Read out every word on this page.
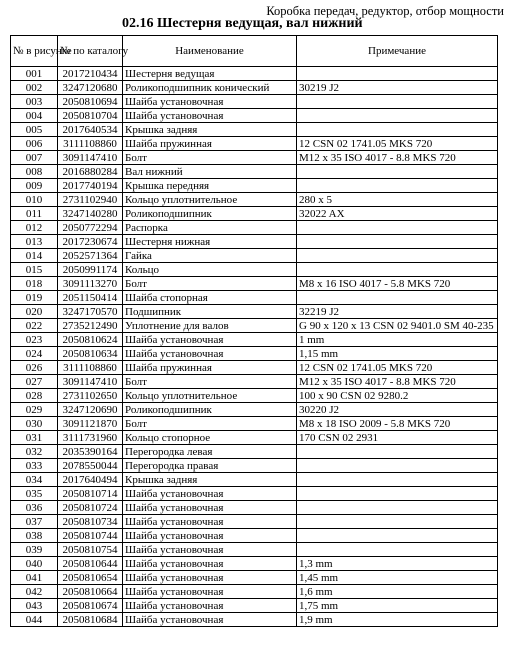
Коробка передач, редуктор, отбор мощности
02.16 Шестерня ведущая, вал нижний
№ в рисунке	№ по каталогу	Наименование	Примечание
001	2017210434	Шестерня ведущая	
002	3247120680	Роликоподшипник конический	30219 J2
003	2050810694	Шайба установочная	
004	2050810704	Шайба установочная	
005	2017640534	Крышка задняя	
006	3111108860	Шайба пружинная	12 CSN 02 1741.05 MKS 720
007	3091147410	Болт	M12 x 35 ISO 4017 - 8.8 MKS 720
008	2016880284	Вал нижний	
009	2017740194	Крышка передняя	
010	2731102940	Кольцо уплотнительное	280 x 5
011	3247140280	Роликоподшипник	32022 AX
012	2050772294	Распорка	
013	2017230674	Шестерня нижная	
014	2052571364	Гайка	
015	2050991174	Кольцо	
018	3091113270	Болт	M8 x 16 ISO 4017 - 5.8 MKS 720
019	2051150414	Шайба стопорная	
020	3247170570	Подшипник	32219 J2
022	2735212490	Уплотнение для валов	G 90 x 120 x 13 CSN 02 9401.0 SM 40-235
023	2050810624	Шайба установочная	1 mm
024	2050810634	Шайба установочная	1,15 mm
026	3111108860	Шайба пружинная	12 CSN 02 1741.05 MKS 720
027	3091147410	Болт	M12 x 35 ISO 4017 - 8.8 MKS 720
028	2731102650	Кольцо уплотнительное	100 x 90 CSN 02 9280.2
029	3247120690	Роликоподшипник	30220 J2
030	3091121870	Болт	M8 x 18 ISO 2009 - 5.8 MKS 720
031	3111731960	Кольцо стопорное	170 CSN 02 2931
032	2035390164	Перегородка левая	
033	2078550044	Перегородка правая	
034	2017640494	Крышка задняя	
035	2050810714	Шайба установочная	
036	2050810724	Шайба установочная	
037	2050810734	Шайба установочная	
038	2050810744	Шайба установочная	
039	2050810754	Шайба установочная	
040	2050810644	Шайба установочная	1,3 mm
041	2050810654	Шайба установочная	1,45 mm
042	2050810664	Шайба установочная	1,6 mm
043	2050810674	Шайба установочная	1,75 mm
044	2050810684	Шайба установочная	1,9 mm
